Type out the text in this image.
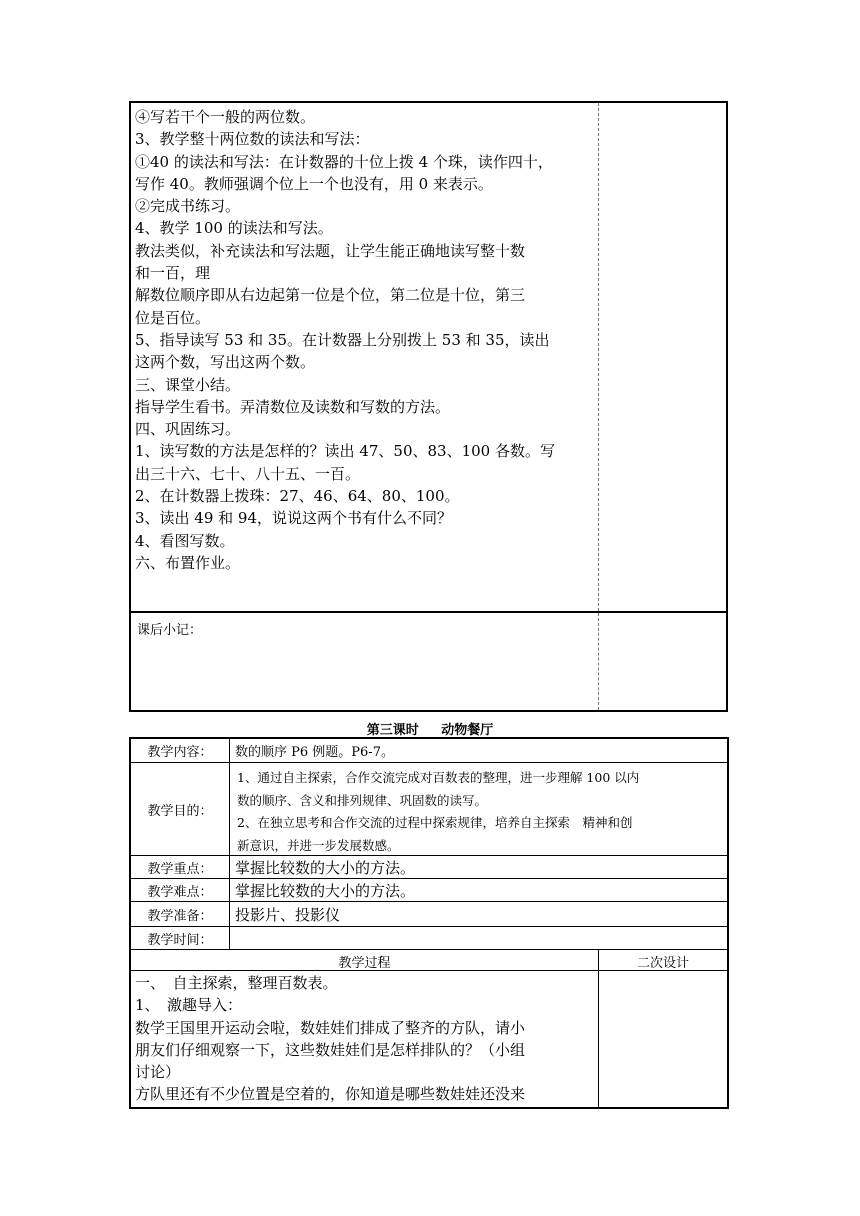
④写若干个一般的两位数。
3、教学整十两位数的读法和写法：
①40 的读法和写法：在计数器的十位上拨 4 个珠，读作四十，
写作 40。教师强调个位上一个也没有，用 0 来表示。
②完成书练习。
4、教学 100 的读法和写法。
教法类似，补充读法和写法题，让学生能正确地读写整十数
和一百，理
解数位顺序即从右边起第一位是个位，第二位是十位，第三
位是百位。
5、指导读写 53 和 35。在计数器上分别拨上 53 和 35，读出
这两个数，写出这两个数。
三、课堂小结。
指导学生看书。弄清数位及读数和写数的方法。
四、巩固练习。
1、读写数的方法是怎样的？读出 47、50、83、100 各数。写
出三十六、七十、八十五、一百。
2、在计数器上拨珠：27、46、64、80、100。
3、读出 49 和 94，说说这两个书有什么不同？
4、看图写数。
六、布置作业。
课后小记：
第三课时 动物餐厅
教学内容：	数的顺序 P6 例题。P6-7。
教学目的：
1、通过自主探索，合作交流完成对百数表的整理，进一步理解 100 以内
数的顺序、含义和排列规律、巩固数的读写。
2、在独立思考和合作交流的过程中探索规律，培养自主探索　精神和创
新意识，并进一步发展数感。
教学重点：	掌握比较数的大小的方法。
教学难点：	掌握比较数的大小的方法。
教学准备：	投影片、投影仪
教学时间：
教学过程	二次设计
一、　自主探索，整理百数表。
1、　激趣导入：
数学王国里开运动会啦，数娃娃们排成了整齐的方队，请小
朋友们仔细观察一下，这些数娃娃们是怎样排队的？（小组
讨论）
方队里还有不少位置是空着的，你知道是哪些数娃娃还没来
